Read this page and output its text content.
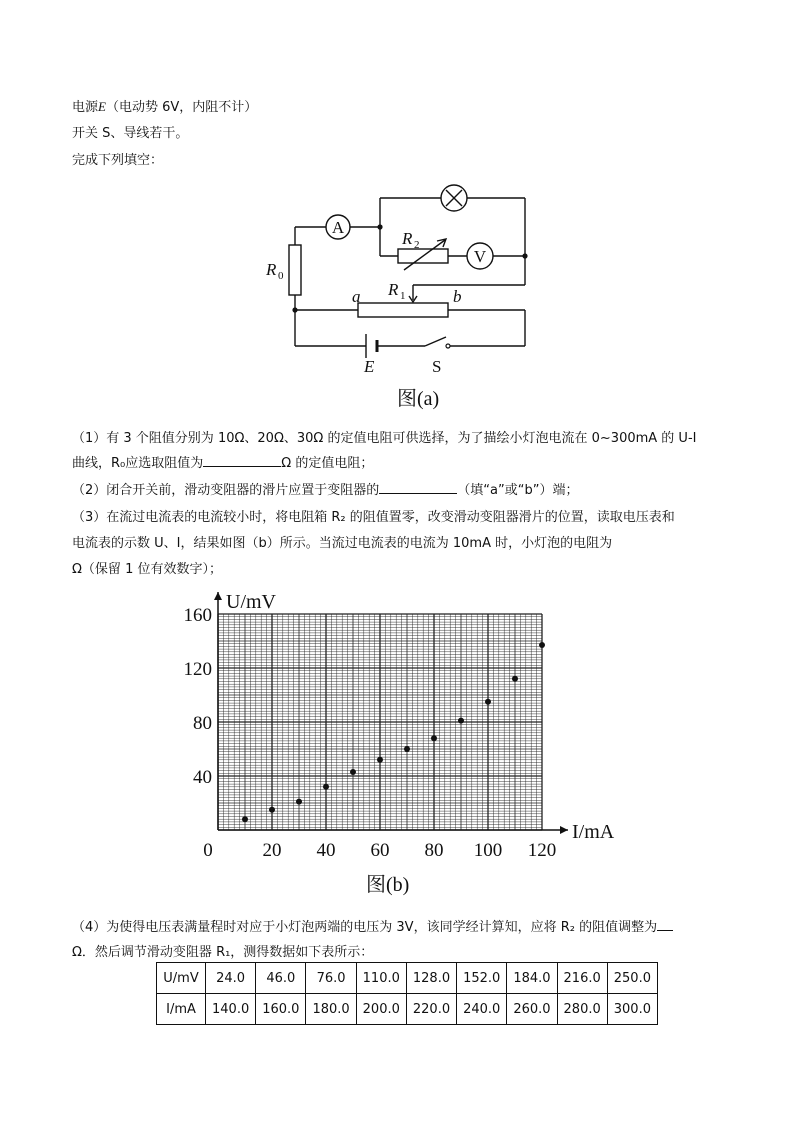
电源E（电动势 6V，内阻不计）
开关 S、导线若干。
完成下列填空：
A
V
R 2
R 0
R 1
a	b
E	S
图(a)
（1）有 3 个阻值分别为 10Ω、20Ω、30Ω 的定值电阻可供选择，为了描绘小灯泡电流在 0~300mA 的 U-I
曲线，R₀应选取阻值为	Ω 的定值电阻；
（2）闭合开关前，滑动变阻器的滑片应置于变阻器的	（填“a”或“b”）端；
（3）在流过电流表的电流较小时，将电阻箱 R₂ 的阻值置零，改变滑动变阻器滑片的位置，读取电压表和
电流表的示数 U、I，结果如图（b）所示。当流过电流表的电流为 10mA 时，小灯泡的电阻为
Ω（保留 1 位有效数字）；
0	20 40 60 80 100 120
40
80
120
160
U/mV
I/mA
图(b)
（4）为使得电压表满量程时对应于小灯泡两端的电压为 3V，该同学经计算知，应将 R₂ 的阻值调整为
Ω．然后调节滑动变阻器 R₁，测得数据如下表所示：
U/mV	24.0	46.0	76.0	110.0	128.0	152.0	184.0	216.0	250.0
I/mA	140.0	160.0	180.0	200.0	220.0	240.0	260.0	280.0	300.0
